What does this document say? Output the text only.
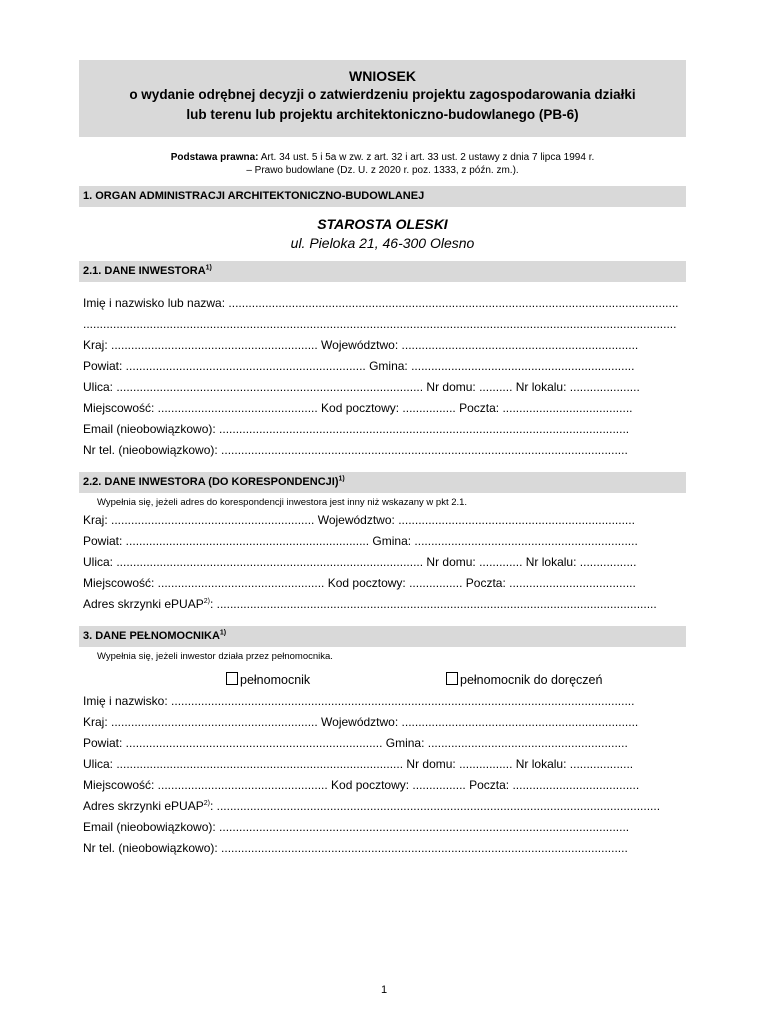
WNIOSEK
o wydanie odrębnej decyzji o zatwierdzeniu projektu zagospodarowania działki
lub terenu lub projektu architektoniczno-budowlanego (PB-6)
Podstawa prawna: Art. 34 ust. 5 i 5a w zw. z art. 32 i art. 33 ust. 2 ustawy z dnia 7 lipca 1994 r.
– Prawo budowlane (Dz. U. z 2020 r. poz. 1333, z późn. zm.).
1. ORGAN ADMINISTRACJI ARCHITEKTONICZNO-BUDOWLANEJ
STAROSTA OLESKI
ul. Pieloka 21, 46-300 Olesno
2.1. DANE INWESTORA$^{1)}$
Imię i nazwisko lub nazwa: .......................................................................................................................................
..................................................................................................................................................................................
Kraj: .............................................................. Województwo: .......................................................................
Powiat: ........................................................................ Gmina: ...................................................................
Ulica: ............................................................................................ Nr domu: .......... Nr lokalu: .....................
Miejscowość: ................................................ Kod pocztowy: ................ Poczta: .......................................
Email (nieobowiązkowo): ...........................................................................................................................
Nr tel. (nieobowiązkowo): ..........................................................................................................................
2.2. DANE INWESTORA (DO KORESPONDENCJI)$^{1)}$
Wypełnia się, jeżeli adres do korespondencji inwestora jest inny niż wskazany w pkt 2.1.
Kraj: ............................................................. Województwo: .......................................................................
Powiat: ......................................................................... Gmina: ...................................................................
Ulica: ............................................................................................ Nr domu: ............. Nr lokalu: .................
Miejscowość: .................................................. Kod pocztowy: ................ Poczta: ......................................
Adres skrzynki ePUAP$^{2)}$: ....................................................................................................................................
3. DANE PEŁNOMOCNIKA$^{1)}$
Wypełnia się, jeżeli inwestor działa przez pełnomocnika.
pełnomocnik	pełnomocnik do doręczeń
Imię i nazwisko: ...........................................................................................................................................
Kraj: .............................................................. Województwo: .......................................................................
Powiat: ............................................................................. Gmina: ............................................................
Ulica: ...................................................................................... Nr domu: ................ Nr lokalu: ...................
Miejscowość: ................................................... Kod pocztowy: ................ Poczta: ......................................
Adres skrzynki ePUAP$^{2)}$: .....................................................................................................................................
Email (nieobowiązkowo): ...........................................................................................................................
Nr tel. (nieobowiązkowo): ..........................................................................................................................
1
